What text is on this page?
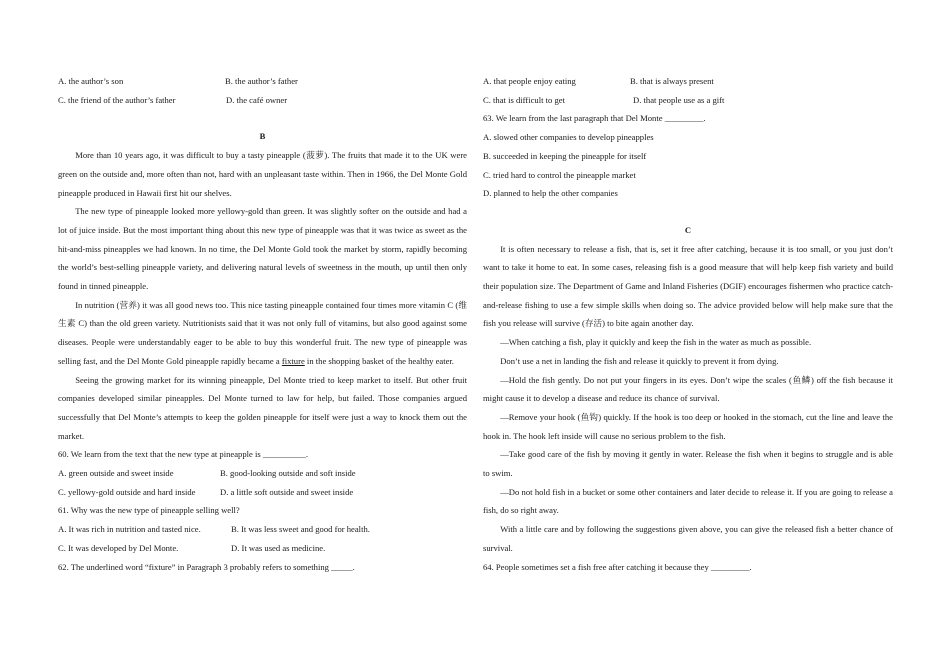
A. the author’s son	B. the author’s father
C. the friend of the author’s father	D. the café owner
B
More than 10 years ago, it was difficult to buy a tasty pineapple (菠萝). The fruits that made it to the UK were green on the outside and, more often than not, hard with an unpleasant taste within. Then in 1966, the Del Monte Gold pineapple produced in Hawaii first hit our shelves.
The new type of pineapple looked more yellowy-gold than green. It was slightly softer on the outside and had a lot of juice inside. But the most important thing about this new type of pineapple was that it was twice as sweet as the hit-and-miss pineapples we had known. In no time, the Del Monte Gold took the market by storm, rapidly becoming the world’s best-selling pineapple variety, and delivering natural levels of sweetness in the mouth, up until then only found in tinned pineapple.
In nutrition (营养) it was all good news too. This nice tasting pineapple contained four times more vitamin C (维生素 C) than the old green variety. Nutritionists said that it was not only full of vitamins, but also good against some diseases. People were understandably eager to be able to buy this wonderful fruit. The new type of pineapple was selling fast, and the Del Monte Gold pineapple rapidly became a fixture in the shopping basket of the healthy eater.
Seeing the growing market for its winning pineapple, Del Monte tried to keep market to itself. But other fruit companies developed similar pineapples. Del Monte turned to law for help, but failed. Those companies argued successfully that Del Monte’s attempts to keep the golden pineapple for itself were just a way to knock them out the market.
60. We learn from the text that the new type at pineapple is __________.
A. green outside and sweet inside	B. good-looking outside and soft inside
C. yellowy-gold outside and hard inside	D. a little soft outside and sweet inside
61. Why was the new type of pineapple selling well?
A. It was rich in nutrition and tasted nice.	B. It was less sweet and good for health.
C. It was developed by Del Monte.	D. It was used as medicine.
62. The underlined word “fixture” in Paragraph 3 probably refers to something _____.
A. that people enjoy eating	B. that is always present
C. that is difficult to get	D. that people use as a gift
63. We learn from the last paragraph that Del Monte _________.
A. slowed other companies to develop pineapples
B. succeeded in keeping the pineapple for itself
C. tried hard to control the pineapple market
D. planned to help the other companies
C
It is often necessary to release a fish, that is, set it free after catching, because it is too small, or you just don’t want to take it home to eat. In some cases, releasing fish is a good measure that will help keep fish variety and build their population size. The Department of Game and Inland Fisheries (DGIF) encourages fishermen who practice catch-and-release fishing to use a few simple skills when doing so. The advice provided below will help make sure that the fish you release will survive (存活) to bite again another day.
—When catching a fish, play it quickly and keep the fish in the water as much as possible.
Don’t use a net in landing the fish and release it quickly to prevent it from dying.
—Hold the fish gently. Do not put your fingers in its eyes. Don’t wipe the scales (鱼鳞) off the fish because it might cause it to develop a disease and reduce its chance of survival.
—Remove your hook (鱼钩) quickly. If the hook is too deep or hooked in the stomach, cut the line and leave the hook in. The hook left inside will cause no serious problem to the fish.
—Take good care of the fish by moving it gently in water. Release the fish when it begins to struggle and is able to swim.
—Do not hold fish in a bucket or some other containers and later decide to release it. If you are going to release a fish, do so right away.
With a little care and by following the suggestions given above, you can give the released fish a better chance of survival.
64. People sometimes set a fish free after catching it because they _________.
